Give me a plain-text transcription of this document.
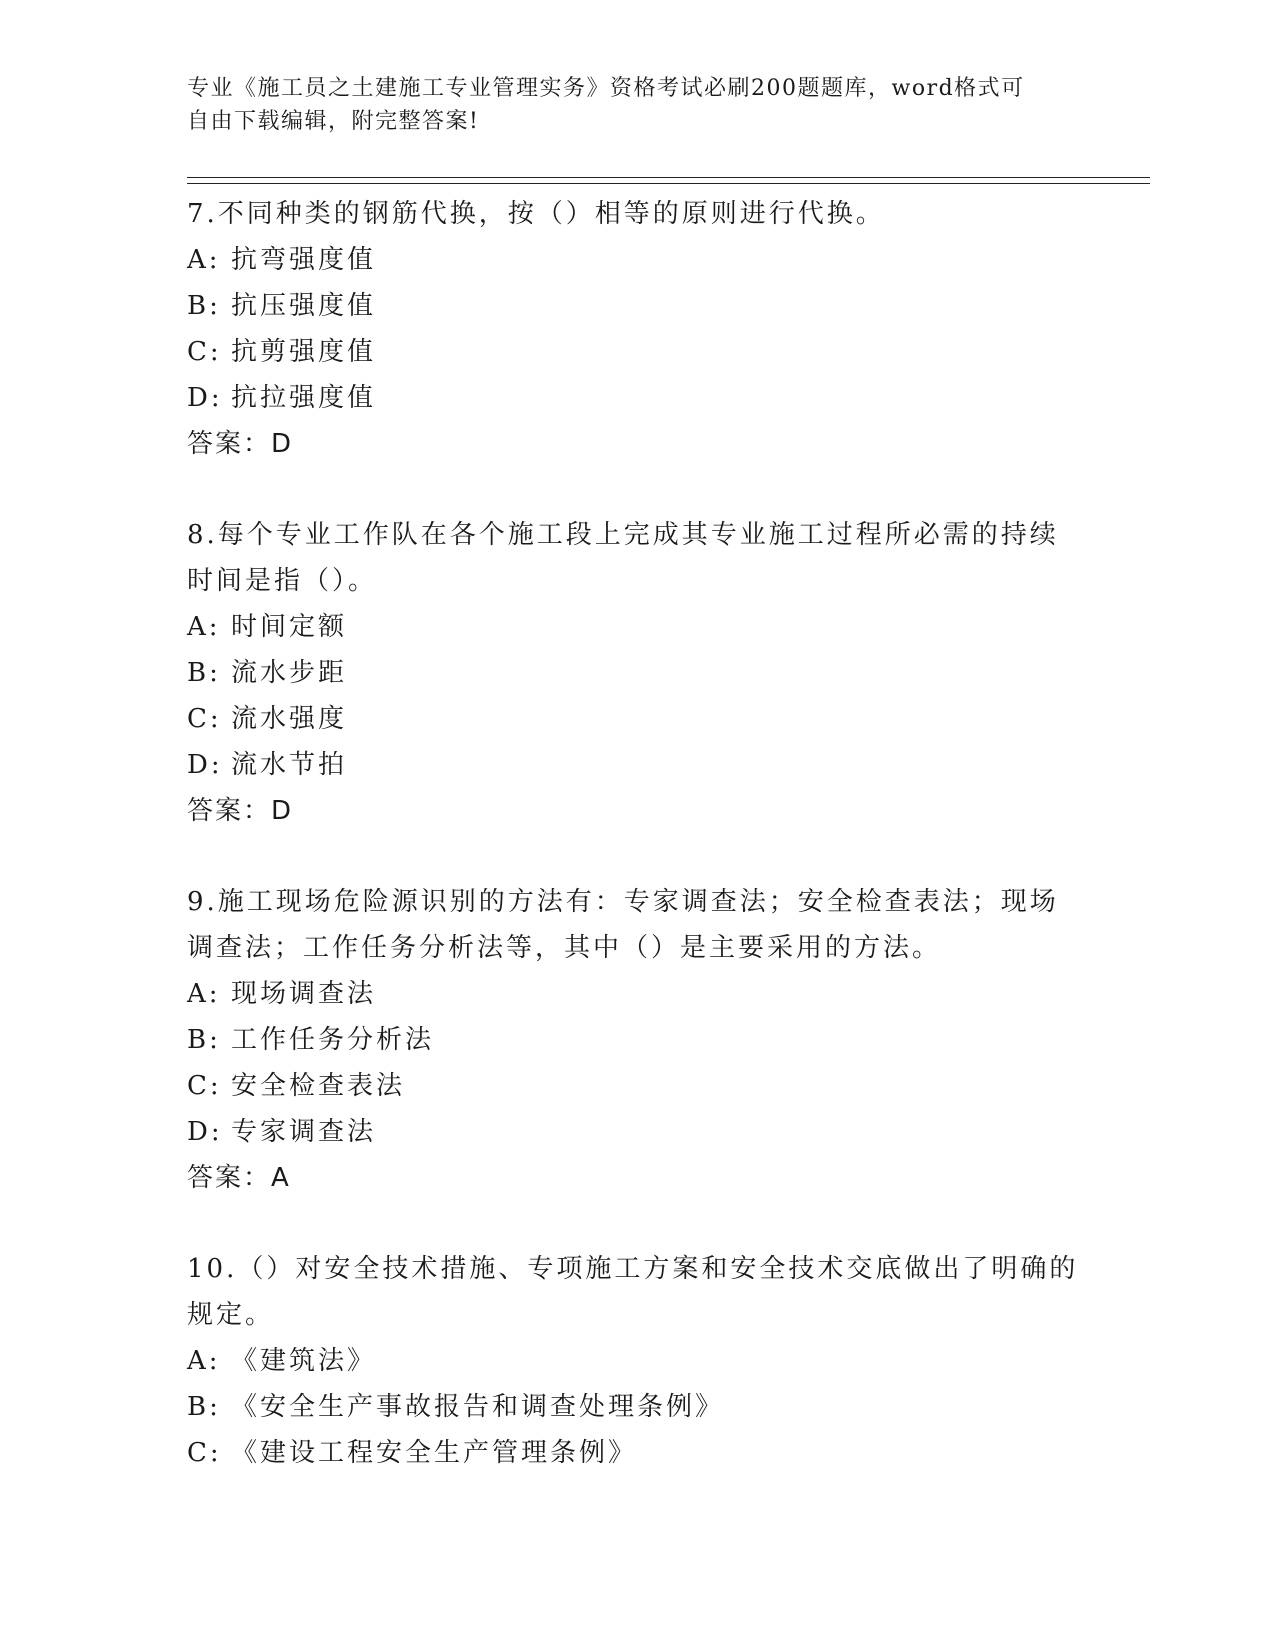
专业《施工员之土建施工专业管理实务》资格考试必刷200题题库，word格式可
自由下载编辑，附完整答案!
7.不同种类的钢筋代换，按（）相等的原则进行代换。
A: 抗弯强度值
B: 抗压强度值
C: 抗剪强度值
D: 抗拉强度值
答案：D
8.每个专业工作队在各个施工段上完成其专业施工过程所必需的持续时间是指（）。
A: 时间定额
B: 流水步距
C: 流水强度
D: 流水节拍
答案：D
9.施工现场危险源识别的方法有：专家调查法；安全检查表法；现场调查法；工作任务分析法等，其中（）是主要采用的方法。
A: 现场调查法
B: 工作任务分析法
C: 安全检查表法
D: 专家调查法
答案：A
10.（）对安全技术措施、专项施工方案和安全技术交底做出了明确的规定。
A: 《建筑法》
B: 《安全生产事故报告和调查处理条例》
C: 《建设工程安全生产管理条例》
